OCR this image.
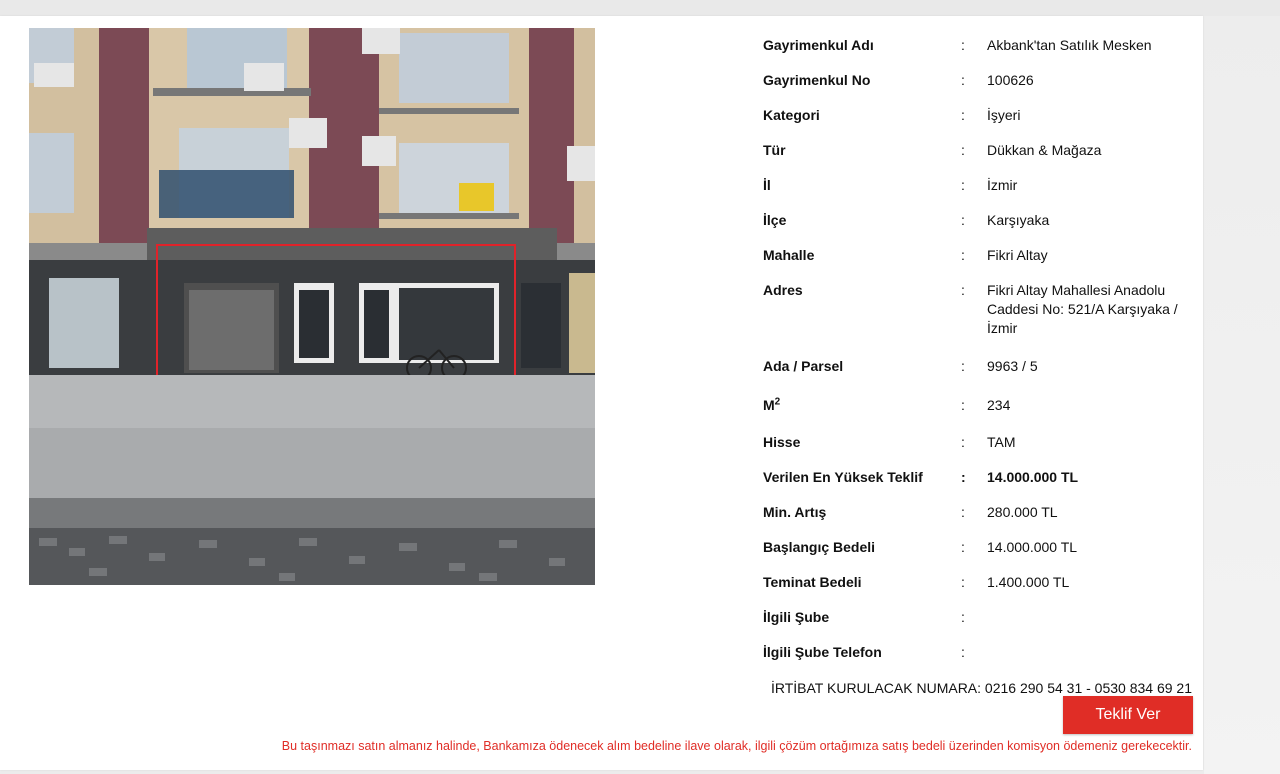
Gayrimenkul Adı	: Akbank'tan Satılık Mesken
Gayrimenkul No	: 100626
Kategori	: İşyeri
Tür	: Dükkan & Mağaza
İl	: İzmir
İlçe	: Karşıyaka
Mahalle	: Fikri Altay
Adres	: Fikri Altay Mahallesi Anadolu Caddesi No: 521/A Karşıyaka / İzmir
Ada / Parsel	: 9963 / 5
$M^2$	: 234
Hisse	: TAM
Verilen En Yüksek Teklif	: 14.000.000 TL
Min. Artış	: 280.000 TL
Başlangıç Bedeli	: 14.000.000 TL
Teminat Bedeli	: 1.400.000 TL
İlgili Şube	:
İlgili Şube Telefon	:
İRTİBAT KURULACAK NUMARA: 0216 290 54 31 - 0530 834 69 21
Teklif Ver
Bu taşınmazı satın almanız halinde, Bankamıza ödenecek alım bedeline ilave olarak, ilgili çözüm ortağımıza satış bedeli üzerinden komisyon ödemeniz gerekecektir.
